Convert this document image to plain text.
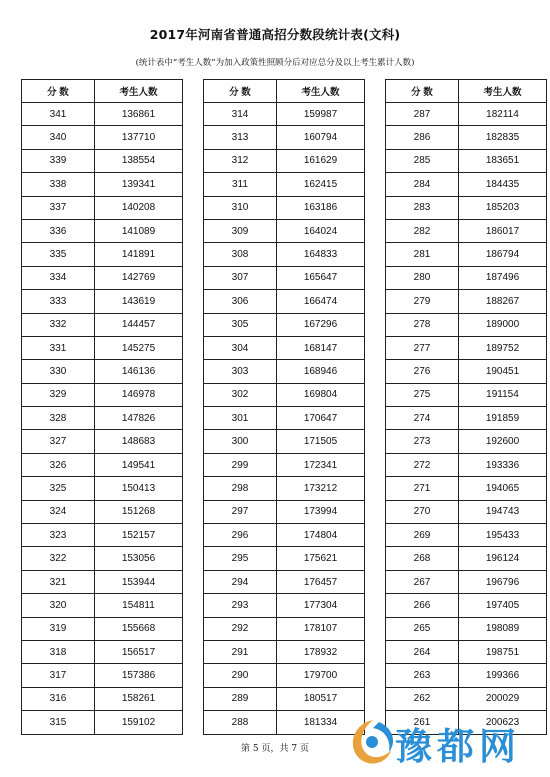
2017年河南省普通高招分数段统计表(文科)
(统计表中“考生人数”为加入政策性照顾分后对应总分及以上考生累计人数)
分 数	考生人数
341	136861
340	137710
339	138554
338	139341
337	140208
336	141089
335	141891
334	142769
333	143619
332	144457
331	145275
330	146136
329	146978
328	147826
327	148683
326	149541
325	150413
324	151268
323	152157
322	153056
321	153944
320	154811
319	155668
318	156517
317	157386
316	158261
315	159102
分 数	考生人数
314	159987
313	160794
312	161629
311	162415
310	163186
309	164024
308	164833
307	165647
306	166474
305	167296
304	168147
303	168946
302	169804
301	170647
300	171505
299	172341
298	173212
297	173994
296	174804
295	175621
294	176457
293	177304
292	178107
291	178932
290	179700
289	180517
288	181334
分 数	考生人数
287	182114
286	182835
285	183651
284	184435
283	185203
282	186017
281	186794
280	187496
279	188267
278	189000
277	189752
276	190451
275	191154
274	191859
273	192600
272	193336
271	194065
270	194743
269	195433
268	196124
267	196796
266	197405
265	198089
264	198751
263	199366
262	200029
261	200623
第 5 页，共 7 页	豫都网
